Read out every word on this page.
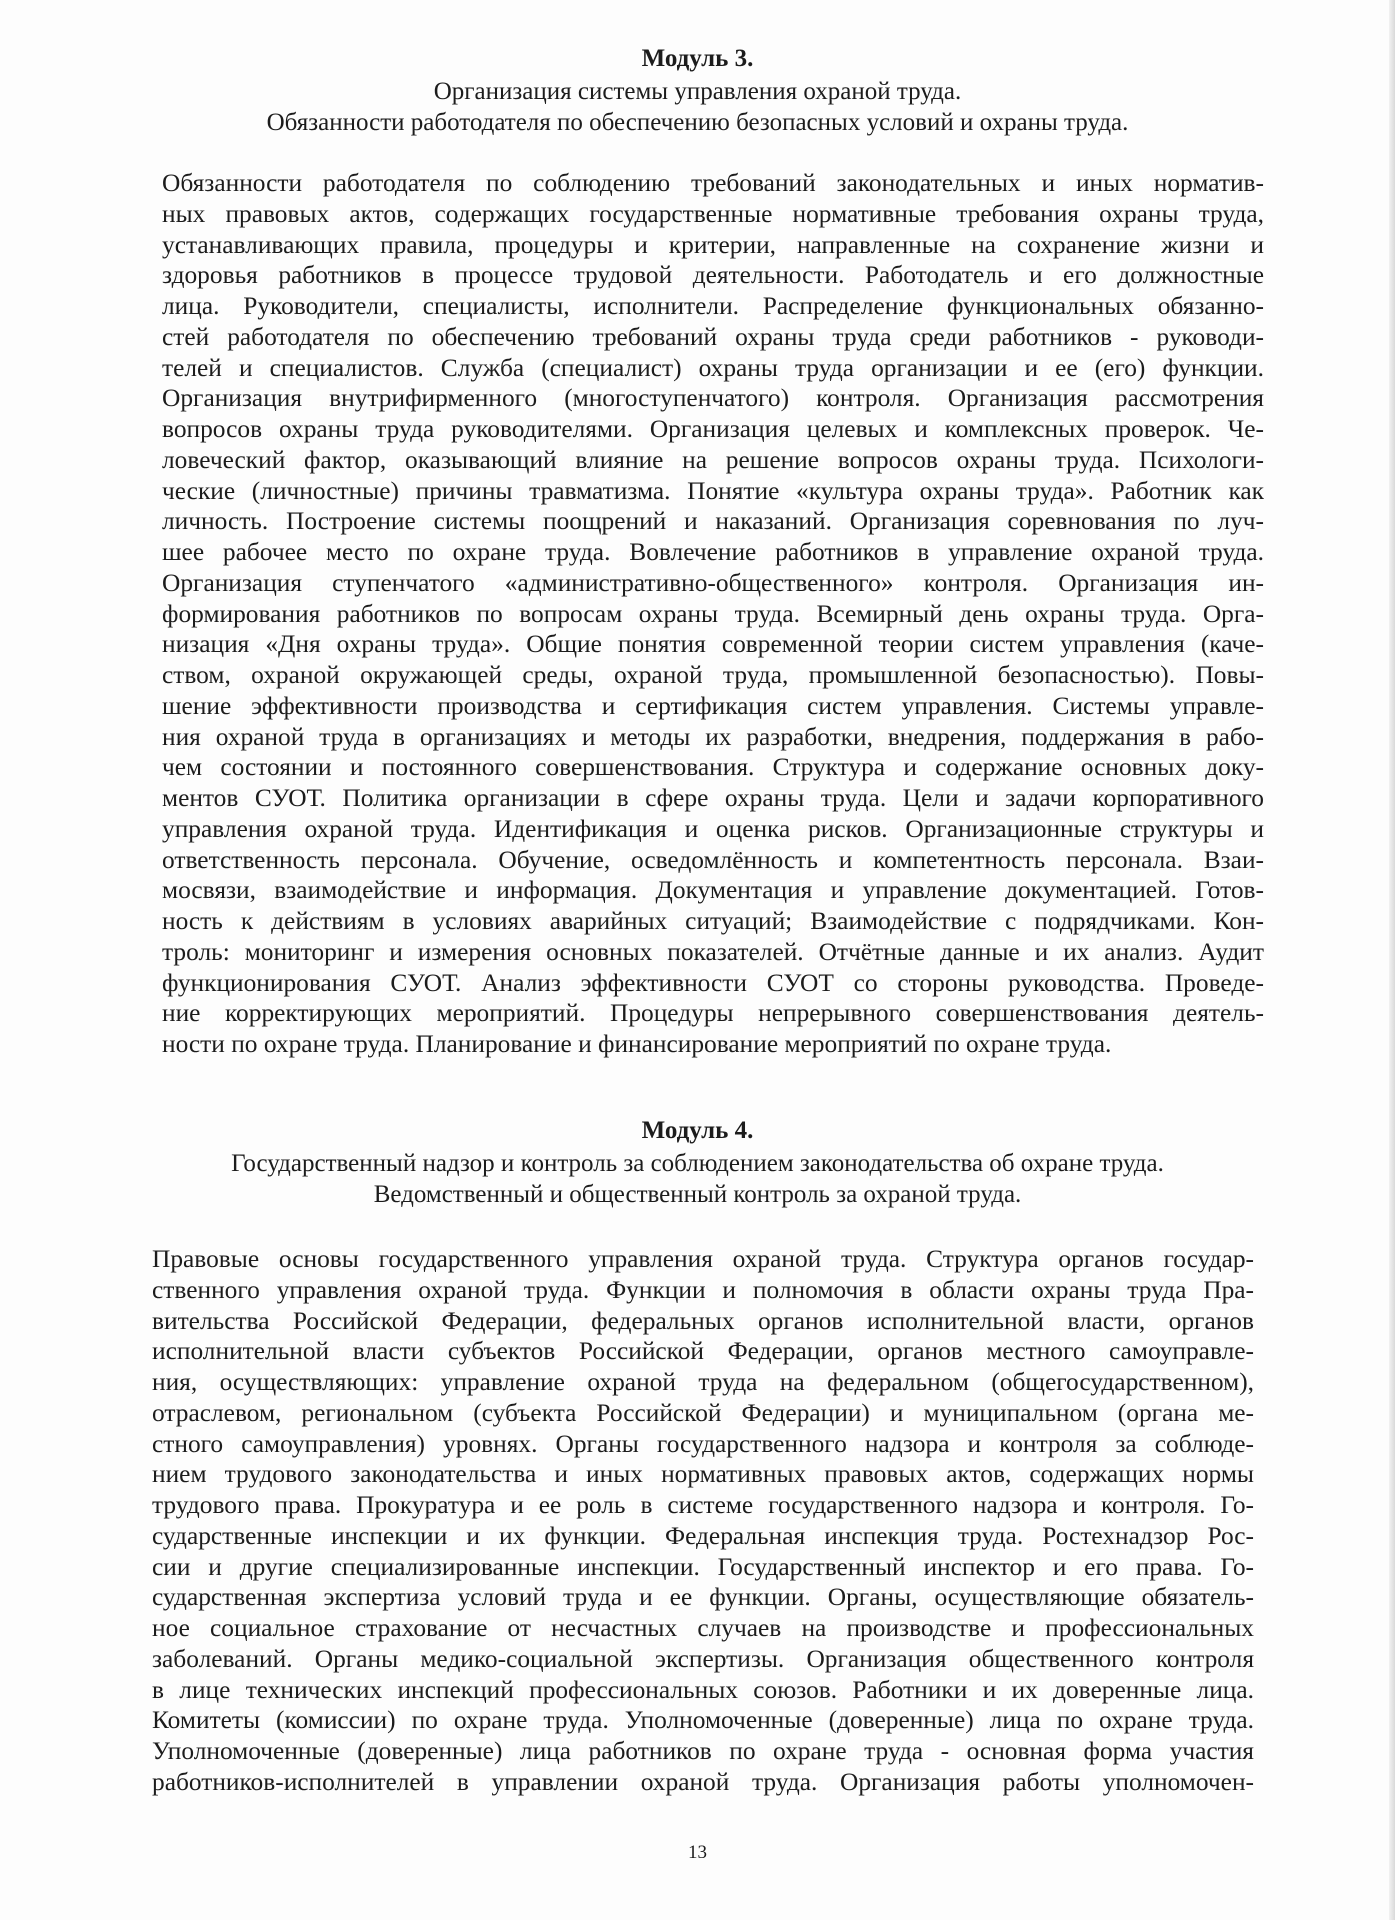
Модуль 3.
Организация системы управления охраной труда.
Обязанности работодателя по обеспечению безопасных условий и охраны труда.
Обязанности работодателя по соблюдению требований законодательных и иных норматив-
ных правовых актов, содержащих государственные нормативные требования охраны труда,
устанавливающих правила, процедуры и критерии, направленные на сохранение жизни и
здоровья работников в процессе трудовой деятельности. Работодатель и его должностные
лица. Руководители, специалисты, исполнители. Распределение функциональных обязанно-
стей работодателя по обеспечению требований охраны труда среди работников - руководи-
телей и специалистов. Служба (специалист) охраны труда организации и ее (его) функции.
Организация внутрифирменного (многоступенчатого) контроля. Организация рассмотрения
вопросов охраны труда руководителями. Организация целевых и комплексных проверок. Че-
ловеческий фактор, оказывающий влияние на решение вопросов охраны труда. Психологи-
ческие (личностные) причины травматизма. Понятие «культура охраны труда». Работник как
личность. Построение системы поощрений и наказаний. Организация соревнования по луч-
шее рабочее место по охране труда. Вовлечение работников в управление охраной труда.
Организация ступенчатого «административно-общественного» контроля. Организация ин-
формирования работников по вопросам охраны труда. Всемирный день охраны труда. Орга-
низация «Дня охраны труда». Общие понятия современной теории систем управления (каче-
ством, охраной окружающей среды, охраной труда, промышленной безопасностью). Повы-
шение эффективности производства и сертификация систем управления. Системы управле-
ния охраной труда в организациях и методы их разработки, внедрения, поддержания в рабо-
чем состоянии и постоянного совершенствования. Структура и содержание основных доку-
ментов СУОТ. Политика организации в сфере охраны труда. Цели и задачи корпоративного
управления охраной труда. Идентификация и оценка рисков. Организационные структуры и
ответственность персонала. Обучение, осведомлённость и компетентность персонала. Взаи-
мосвязи, взаимодействие и информация. Документация и управление документацией. Готов-
ность к действиям в условиях аварийных ситуаций; Взаимодействие с подрядчиками. Кон-
троль: мониторинг и измерения основных показателей. Отчётные данные и их анализ. Аудит
функционирования СУОТ. Анализ эффективности СУОТ со стороны руководства. Проведе-
ние корректирующих мероприятий. Процедуры непрерывного совершенствования деятель-
ности по охране труда. Планирование и финансирование мероприятий по охране труда.
Модуль 4.
Государственный надзор и контроль за соблюдением законодательства об охране труда.
Ведомственный и общественный контроль за охраной труда.
Правовые основы государственного управления охраной труда. Структура органов государ-
ственного управления охраной труда. Функции и полномочия в области охраны труда Пра-
вительства Российской Федерации, федеральных органов исполнительной власти, органов
исполнительной власти субъектов Российской Федерации, органов местного самоуправле-
ния, осуществляющих: управление охраной труда на федеральном (общегосударственном),
отраслевом, региональном (субъекта Российской Федерации) и муниципальном (органа ме-
стного самоуправления) уровнях. Органы государственного надзора и контроля за соблюде-
нием трудового законодательства и иных нормативных правовых актов, содержащих нормы
трудового права. Прокуратура и ее роль в системе государственного надзора и контроля. Го-
сударственные инспекции и их функции. Федеральная инспекция труда. Ростехнадзор Рос-
сии и другие специализированные инспекции. Государственный инспектор и его права. Го-
сударственная экспертиза условий труда и ее функции. Органы, осуществляющие обязатель-
ное социальное страхование от несчастных случаев на производстве и профессиональных
заболеваний. Органы медико-социальной экспертизы. Организация общественного контроля
в лице технических инспекций профессиональных союзов. Работники и их доверенные лица.
Комитеты (комиссии) по охране труда. Уполномоченные (доверенные) лица по охране труда.
Уполномоченные (доверенные) лица работников по охране труда - основная форма участия
работников-исполнителей в управлении охраной труда. Организация работы уполномочен-
13
